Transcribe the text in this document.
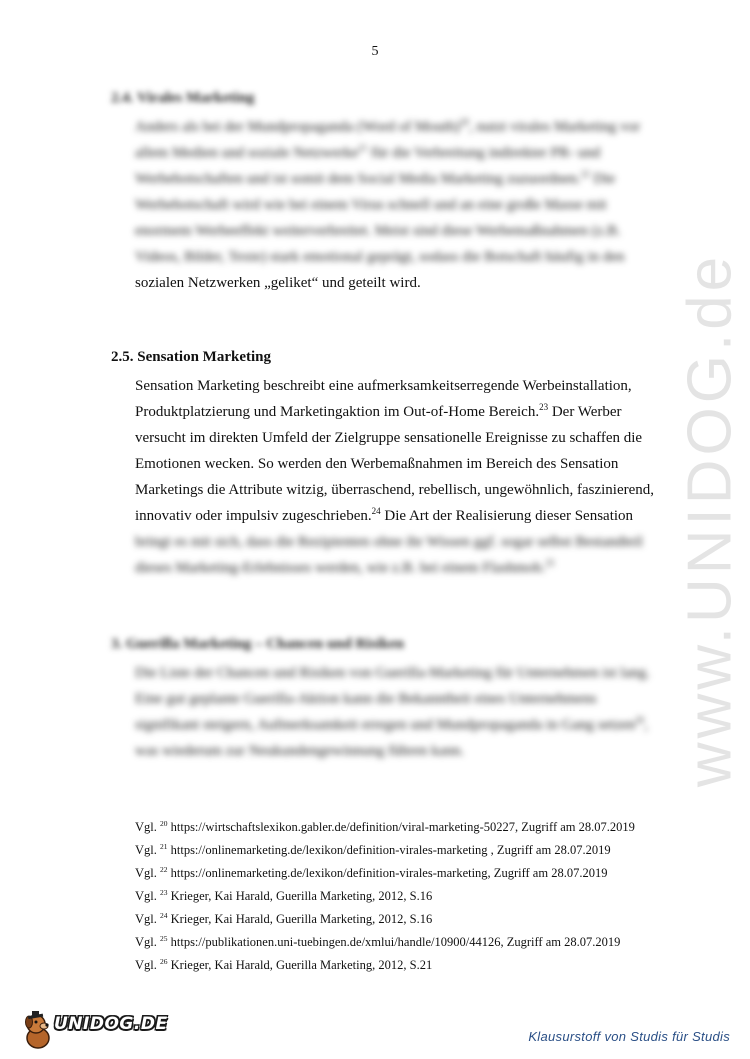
5
www.UNIDOG.de
2.4. Virales Marketing
Anders als bei der Mundpropaganda (Word of Mouth)$^{20}$, nutzt virales Marketing vor
allem Medien und soziale Netzwerke$^{21}$ für die Verbreitung indirekter PR- und
Werbebotschaften und ist somit dem Social Media Marketing zuzuordnen.$^{22}$ Die
Werbebotschaft wird wie bei einem Virus schnell und an eine große Masse mit
enormem Werbeeffekt weiterverbreitet. Meist sind diese Werbemaßnahmen (z.B.
Videos, Bilder, Texte) stark emotional geprägt, sodass die Botschaft häufig in den
sozialen Netzwerken „geliket“ und geteilt wird.
2.5. Sensation Marketing
Sensation Marketing beschreibt eine aufmerksamkeitserregende Werbeinstallation,
Produktplatzierung und Marketingaktion im Out-of-Home Bereich.$^{23}$ Der Werber
versucht im direkten Umfeld der Zielgruppe sensationelle Ereignisse zu schaffen die
Emotionen wecken. So werden den Werbemaßnahmen im Bereich des Sensation
Marketings die Attribute witzig, überraschend, rebellisch, ungewöhnlich, faszinierend,
innovativ oder impulsiv zugeschrieben.$^{24}$ Die Art der Realisierung dieser Sensation
bringt es mit sich, dass die Rezipienten ohne ihr Wissen ggf. sogar selbst Bestandteil
dieses Marketing-Erlebnisses werden, wie z.B. bei einem Flashmob.$^{25}$
3. Guerilla Marketing – Chancen und Risiken
Die Liste der Chancen und Risiken von Guerilla-Marketing für Unternehmen ist lang.
Eine gut geplante Guerilla-Aktion kann die Bekanntheit eines Unternehmens
signifikant steigern, Aufmerksamkeit erregen und Mundpropaganda in Gang setzen$^{26}$,
was wiederum zur Neukundengewinnung führen kann.
Vgl. $^{20}$ https://wirtschaftslexikon.gabler.de/definition/viral-marketing-50227, Zugriff am 28.07.2019
Vgl. $^{21}$ https://onlinemarketing.de/lexikon/definition-virales-marketing , Zugriff am 28.07.2019
Vgl. $^{22}$ https://onlinemarketing.de/lexikon/definition-virales-marketing, Zugriff am 28.07.2019
Vgl. $^{23}$ Krieger, Kai Harald, Guerilla Marketing, 2012, S.16
Vgl. $^{24}$ Krieger, Kai Harald, Guerilla Marketing, 2012, S.16
Vgl. $^{25}$ https://publikationen.uni-tuebingen.de/xmlui/handle/10900/44126, Zugriff am 28.07.2019
Vgl. $^{26}$ Krieger, Kai Harald, Guerilla Marketing, 2012, S.21
UNIDOG.DE
Klausurstoff von Studis für Studis
